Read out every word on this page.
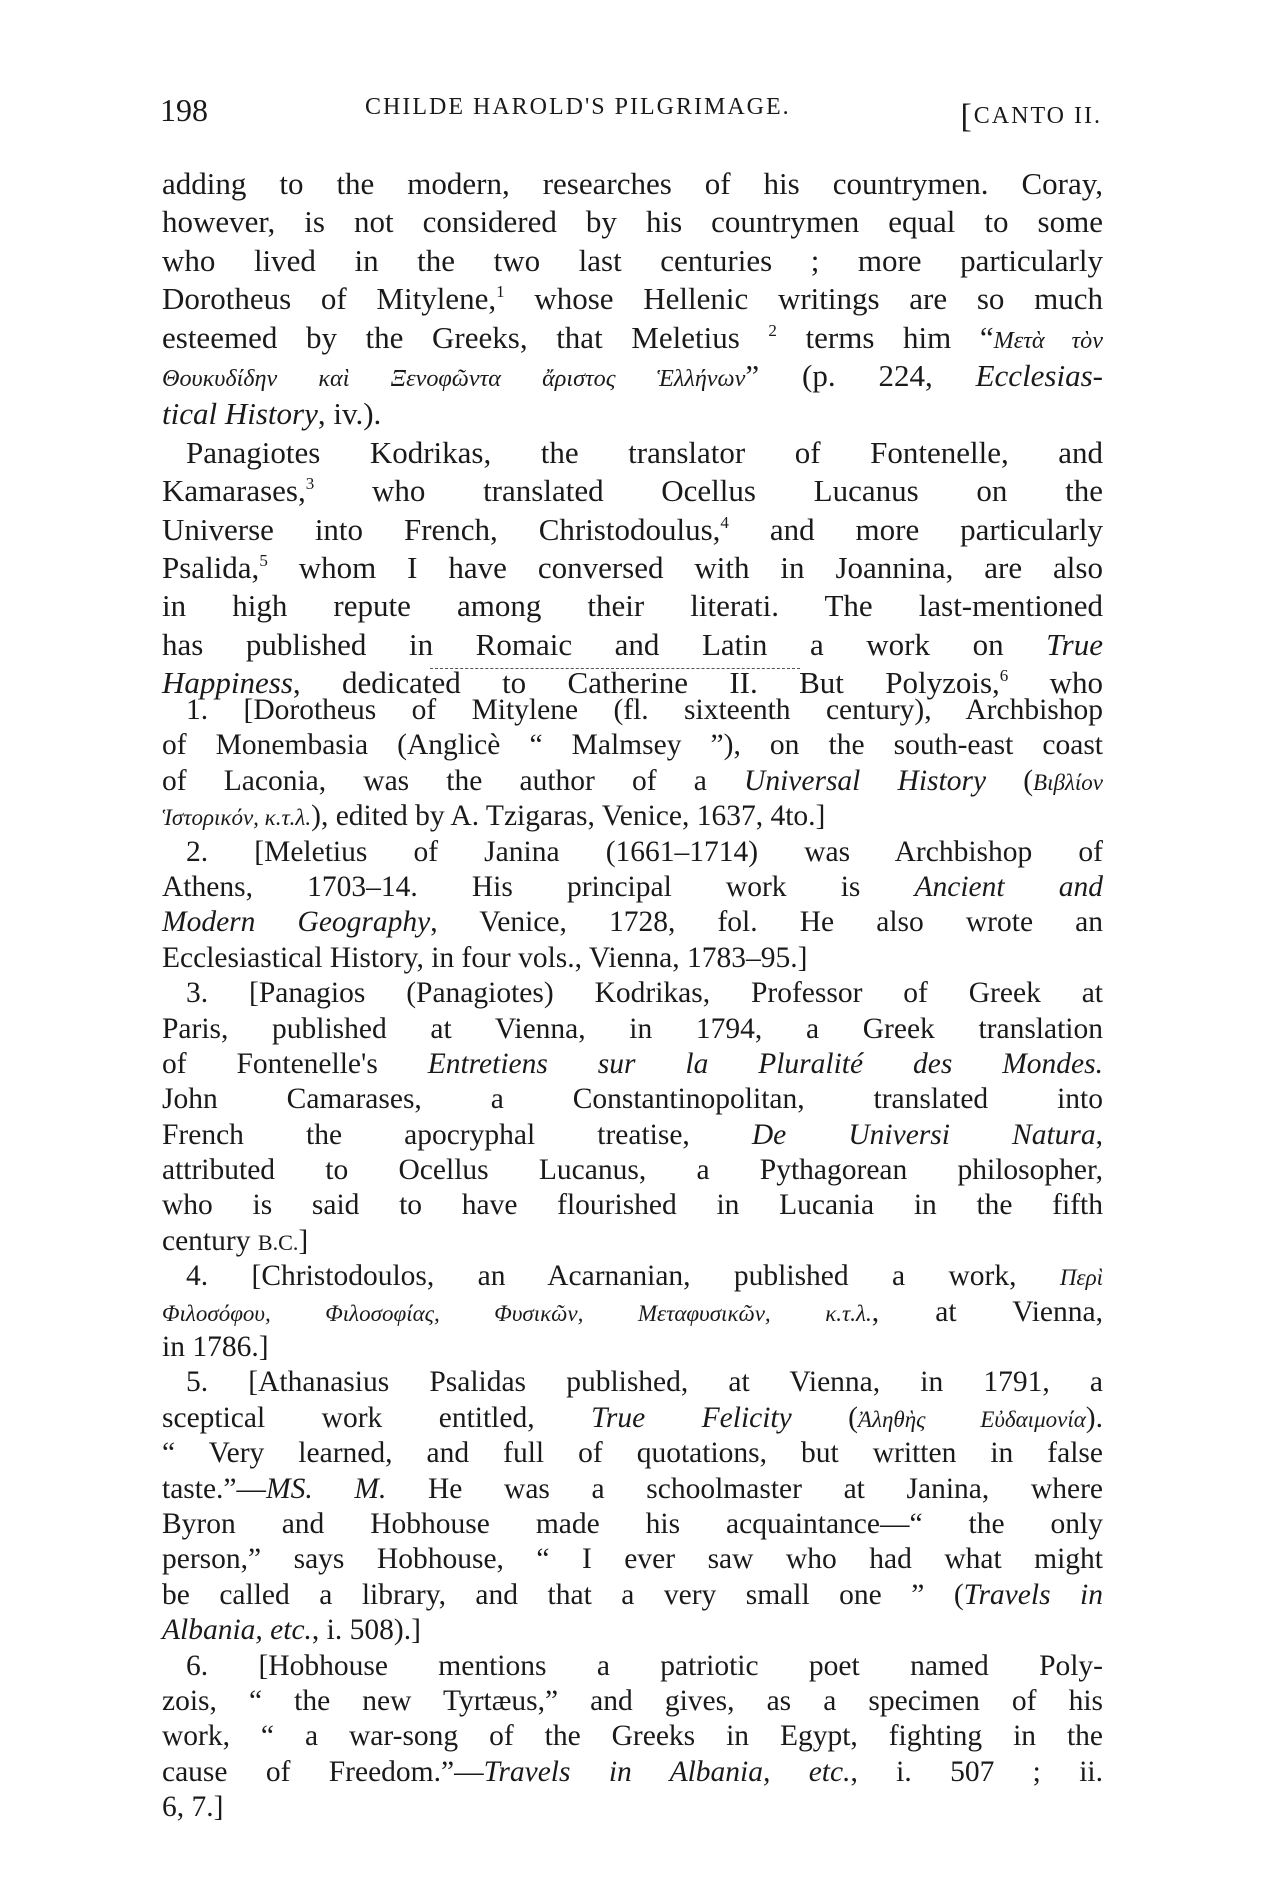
198	CHILDE HAROLD'S PILGRIMAGE.	[CANTO II.
adding to the modern, researches of his countrymen. Coray,
however, is not considered by his countrymen equal to some
who lived in the two last centuries ; more particularly
Dorotheus of Mitylene,$^1$ whose Hellenic writings are so much
esteemed by the Greeks, that Meletius $^2$ terms him “Μετὰ τὸν
Θουκυδίδην καὶ Ξενοφῶντα ἄριστος Ἑλλήνων” (p. 224, Ecclesias-
tical History, iv.).
Panagiotes Kodrikas, the translator of Fontenelle, and
Kamarases,$^3$ who translated Ocellus Lucanus on the
Universe into French, Christodoulus,$^4$ and more particularly
Psalida,$^5$ whom I have conversed with in Joannina, are also
in high repute among their literati. The last-mentioned
has published in Romaic and Latin a work on True
Happiness, dedicated to Catherine II. But Polyzois,$^6$ who
1. [Dorotheus of Mitylene (fl. sixteenth century), Archbishop
of Monembasia (Anglicè “ Malmsey ”), on the south-east coast
of Laconia, was the author of a Universal History (Βιβλίον
Ἱστορικόν, κ.τ.λ.), edited by A. Tzigaras, Venice, 1637, 4to.]
2. [Meletius of Janina (1661–1714) was Archbishop of
Athens, 1703–14. His principal work is Ancient and
Modern Geography, Venice, 1728, fol. He also wrote an
Ecclesiastical History, in four vols., Vienna, 1783–95.]
3. [Panagios (Panagiotes) Kodrikas, Professor of Greek at
Paris, published at Vienna, in 1794, a Greek translation
of Fontenelle's Entretiens sur la Pluralité des Mondes.
John Camarases, a Constantinopolitan, translated into
French the apocryphal treatise, De Universi Natura,
attributed to Ocellus Lucanus, a Pythagorean philosopher,
who is said to have flourished in Lucania in the fifth
century B.C.]
4. [Christodoulos, an Acarnanian, published a work, Περὶ
Φιλοσόφου, Φιλοσοφίας, Φυσικῶν, Μεταφυσικῶν, κ.τ.λ., at Vienna,
in 1786.]
5. [Athanasius Psalidas published, at Vienna, in 1791, a
sceptical work entitled, True Felicity (Ἀληθὴς Εὐδαιμονία).
“ Very learned, and full of quotations, but written in false
taste.”—MS. M. He was a schoolmaster at Janina, where
Byron and Hobhouse made his acquaintance—“ the only
person,” says Hobhouse, “ I ever saw who had what might
be called a library, and that a very small one ” (Travels in
Albania, etc., i. 508).]
6. [Hobhouse mentions a patriotic poet named Poly-
zois, “ the new Tyrtæus,” and gives, as a specimen of his
work, “ a war-song of the Greeks in Egypt, fighting in the
cause of Freedom.”—Travels in Albania, etc., i. 507 ; ii.
6, 7.]
